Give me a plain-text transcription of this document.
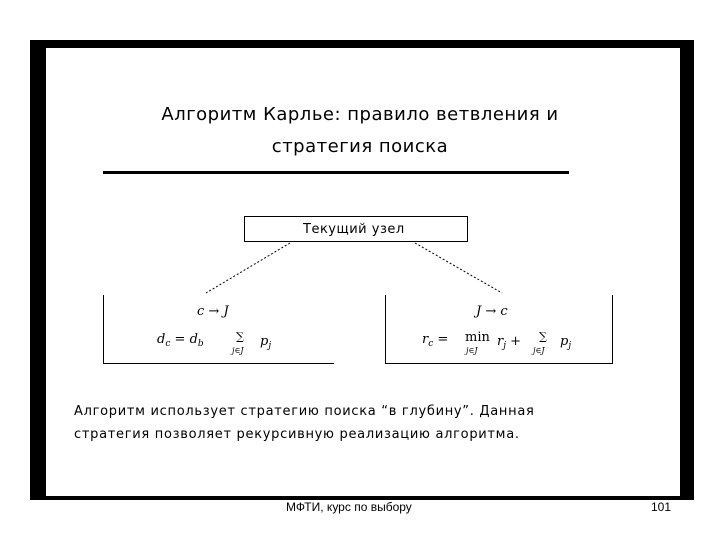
Алгоритм Карлье: правило ветвления и
стратегия поиска
Текущий узел
c → J
$d_c = d_b$
∑
j∈J
$p_j$
J → c
$r_c = \min$
j∈J
$r_j$ + ∑
j∈J
$p_j$
Алгоритм использует стратегию поиска “в глубину”. Данная
стратегия позволяет рекурсивную реализацию алгоритма.
МФТИ, курс по выбору	101
